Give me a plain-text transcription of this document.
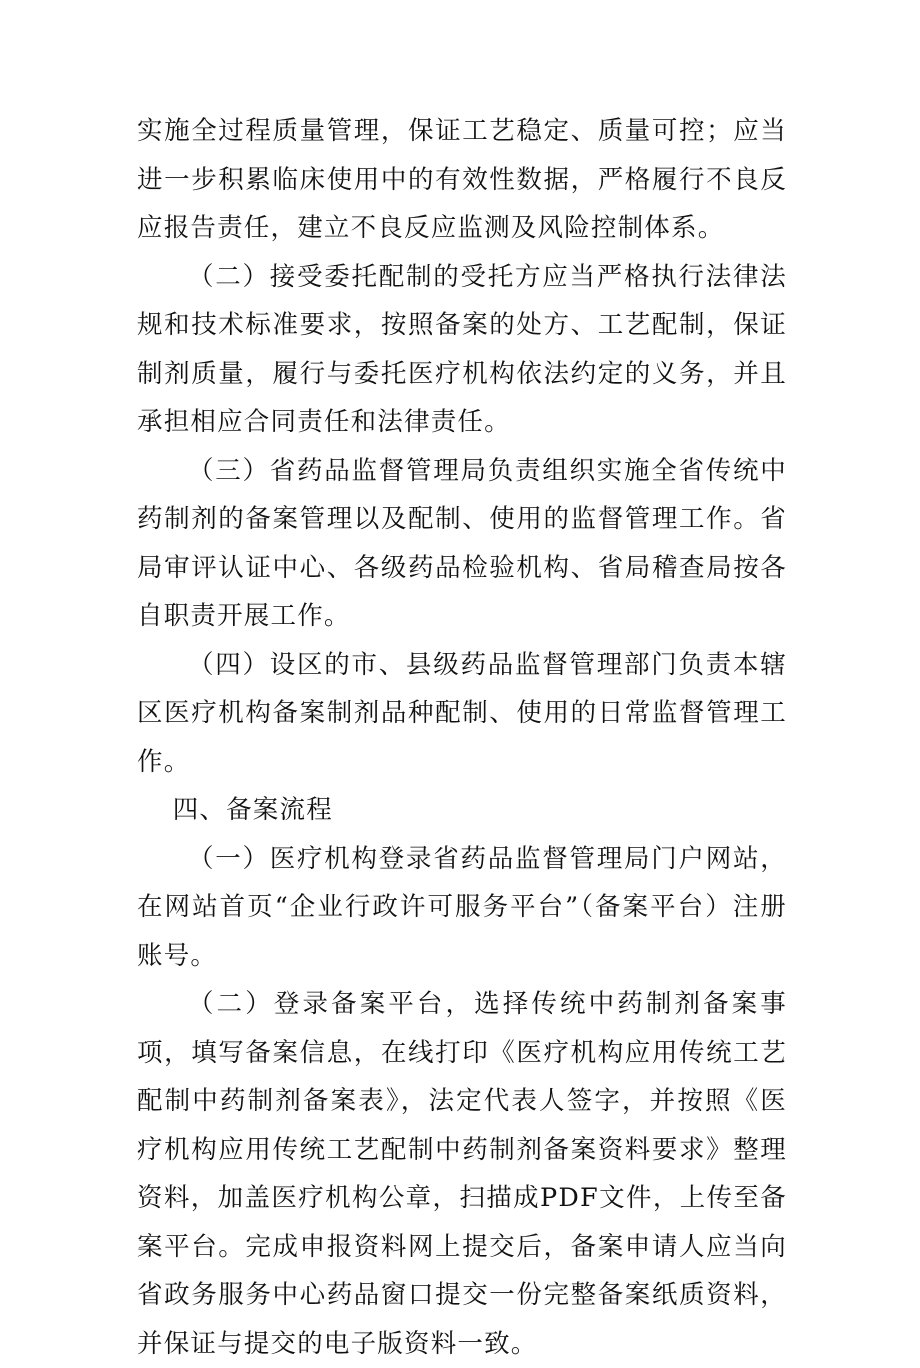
实施全过程质量管理，保证工艺稳定、质量可控；应当进一步积累临床使用中的有效性数据，严格履行不良反应报告责任，建立不良反应监测及风险控制体系。

（二）接受委托配制的受托方应当严格执行法律法规和技术标准要求，按照备案的处方、工艺配制，保证制剂质量，履行与委托医疗机构依法约定的义务，并且承担相应合同责任和法律责任。

（三）省药品监督管理局负责组织实施全省传统中药制剂的备案管理以及配制、使用的监督管理工作。省局审评认证中心、各级药品检验机构、省局稽查局按各自职责开展工作。

（四）设区的市、县级药品监督管理部门负责本辖区医疗机构备案制剂品种配制、使用的日常监督管理工作。

四、备案流程

（一）医疗机构登录省药品监督管理局门户网站，在网站首页“企业行政许可服务平台”（备案平台）注册账号。

（二）登录备案平台，选择传统中药制剂备案事项，填写备案信息，在线打印《医疗机构应用传统工艺配制中药制剂备案表》，法定代表人签字，并按照《医疗机构应用传统工艺配制中药制剂备案资料要求》整理资料，加盖医疗机构公章，扫描成PDF文件，上传至备案平台。完成申报资料网上提交后，备案申请人应当向省政务服务中心药品窗口提交一份完整备案纸质资料，并保证与提交的电子版资料一致。
